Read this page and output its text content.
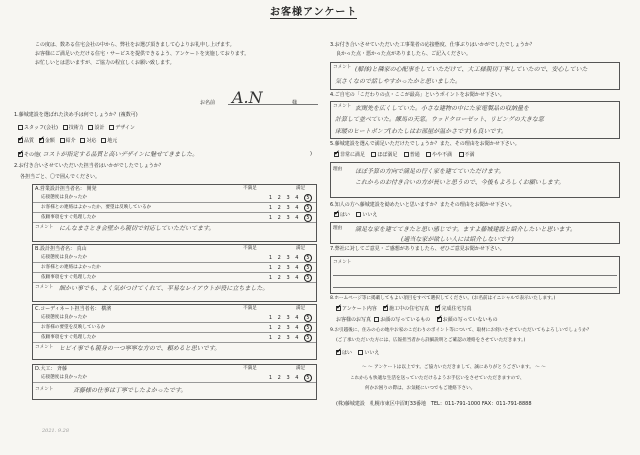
お客様アンケート
この度は、数ある住宅会社の中から、弊社をお選び頂きまして心よりお礼申し上げます。
お客様にご満足いただける住宅・サービスを提供できるよう、アンケートを実施しております。
お忙しいとは思いますが、ご協力の程宜しくお願い致します。
お名前 A.N	様
1.藤城建設を選ばれた決め手は何でしょうか？(複数可)
スタッフ(会社) 技術力 設計 デザイン
✔品質 ✔ 金額 紹介 対応 地元
✔その他( コストが指定する品質と高いデザインに魅せてきました。	)
2.お付き合いさせていただいた担当者はいかがでしたでしょうか？
各担当ごと、〇で囲んでください。
A.営業設計担当者名： 開発	不満足	満足
応接態度は良かったか	1 2 3 4 5
お客様との連絡はよかったか、要望は反映しているか	1 2 3 4 5
依頼事項をすぐ処理したか	1 2 3 4 5
コメント にんなまさとき会壁から親切で対応していただいてます。
B.設計担当者名： 真山	不満足	満足
応接態度は良かったか	1 2 3 4 5
お客様との連絡はよかったか	1 2 3 4 5
依頼事項をすぐ処理したか	1 2 3 4 5
コメント 細かい事でも、よく気がつけてくれて、平易なレイアウトが役に立ちました。
C.コーディネート担当者名： 横濱	不満足	満足
応接態度は良かったか	1 2 3 4 5
お客様の要望を反映しているか	1 2 3 4 5
依頼事項をすぐ処理したか	1 2 3 4 5
コメント ヒビイ事でも親身の一つ寧寧な方ので、頼めると思いです。
D.大工： 斉藤	不満足	満足
応接態度は良かったか	1 2 3 4 5
コメント	斉藤様の仕事は丁寧でしたよかったです。
2021. 9.28
3.お付き合いさせていただいた工事業者の応接態度、仕事ぶりはいかがでしたでしょうか？
良かった点・悪かった点がありましたら、ご記入ください。
コメント (解体)と隣家の心配事をしていただけて、大工様親切丁寧していたので、安心していた
気さくなので話しやすかったかと思いました。
4.ご自宅の「こだわりの点・ここが最高」というポイントをお聞かせ下さい。
コメント 玄関先を広くしていた。小さな建物の中にた家電製品の収納量を
計算して並べていた。練馬の天窓。ウッドクローゼット、リビングの大きな窓
床暖のヒートポンプ(わたしはお部屋が温かさです)も良いです。
5.藤城建設を選んで満足いただけたでしょうか？また、その理由をお聞かせ下さい。
✔非常に満足 ほぼ満足 普通 やや不満 不満
理由 ほぼ予算の方向で満足の行く家を建てていただけます。
これからのお付き合いの方が長いと思うので、今後もよろしくお願いします。
6.知人の方へ藤城建設を勧めたいと思いますか？またその理由をお聞かせ下さい。
✔はい いいえ
理由 満足な家を建ててきたと思い感じです。ますよ藤城建設と紹介したいと思います。
(適当な家が欲しい人には紹介しないです)
7.弊社に対してご意見・ご感想がありましたら、ぜひご意見お聞かせ下さい。
コメント
8.ホームページ等に掲載してもよい項目をすべて選択してください。(お名前はイニシャルで表示いたします。)
✔アンケート内容 ✔ 施工中の住宅写真 ✔ 完成住宅写真
お客様のお写真 お顔の写っているもの ✔ お顔の写っていないもの
9.お引越後に、住みの心の地やお家のこだわりのポイント等について、取材にお伺いさせていただいてもよろしいでしょうか？
(ご了承いただいた方には、広報担当者から詳細説明とご確認の連絡をさせていただきます。)
✔はい いいえ
〜 〜 アンケートは以上です。ご協力いただきまして、誠にありがとうございます。 〜 〜
これからも快適な生活を送っていただけるようお手伝いをさせていただきますので、
何かお困りの際は、お気軽にいつでもご連絡下さい。
(株)藤城建設 札幌市東区中沼町33番地 TEL：011-791-1000 FAX：011-791-8888
